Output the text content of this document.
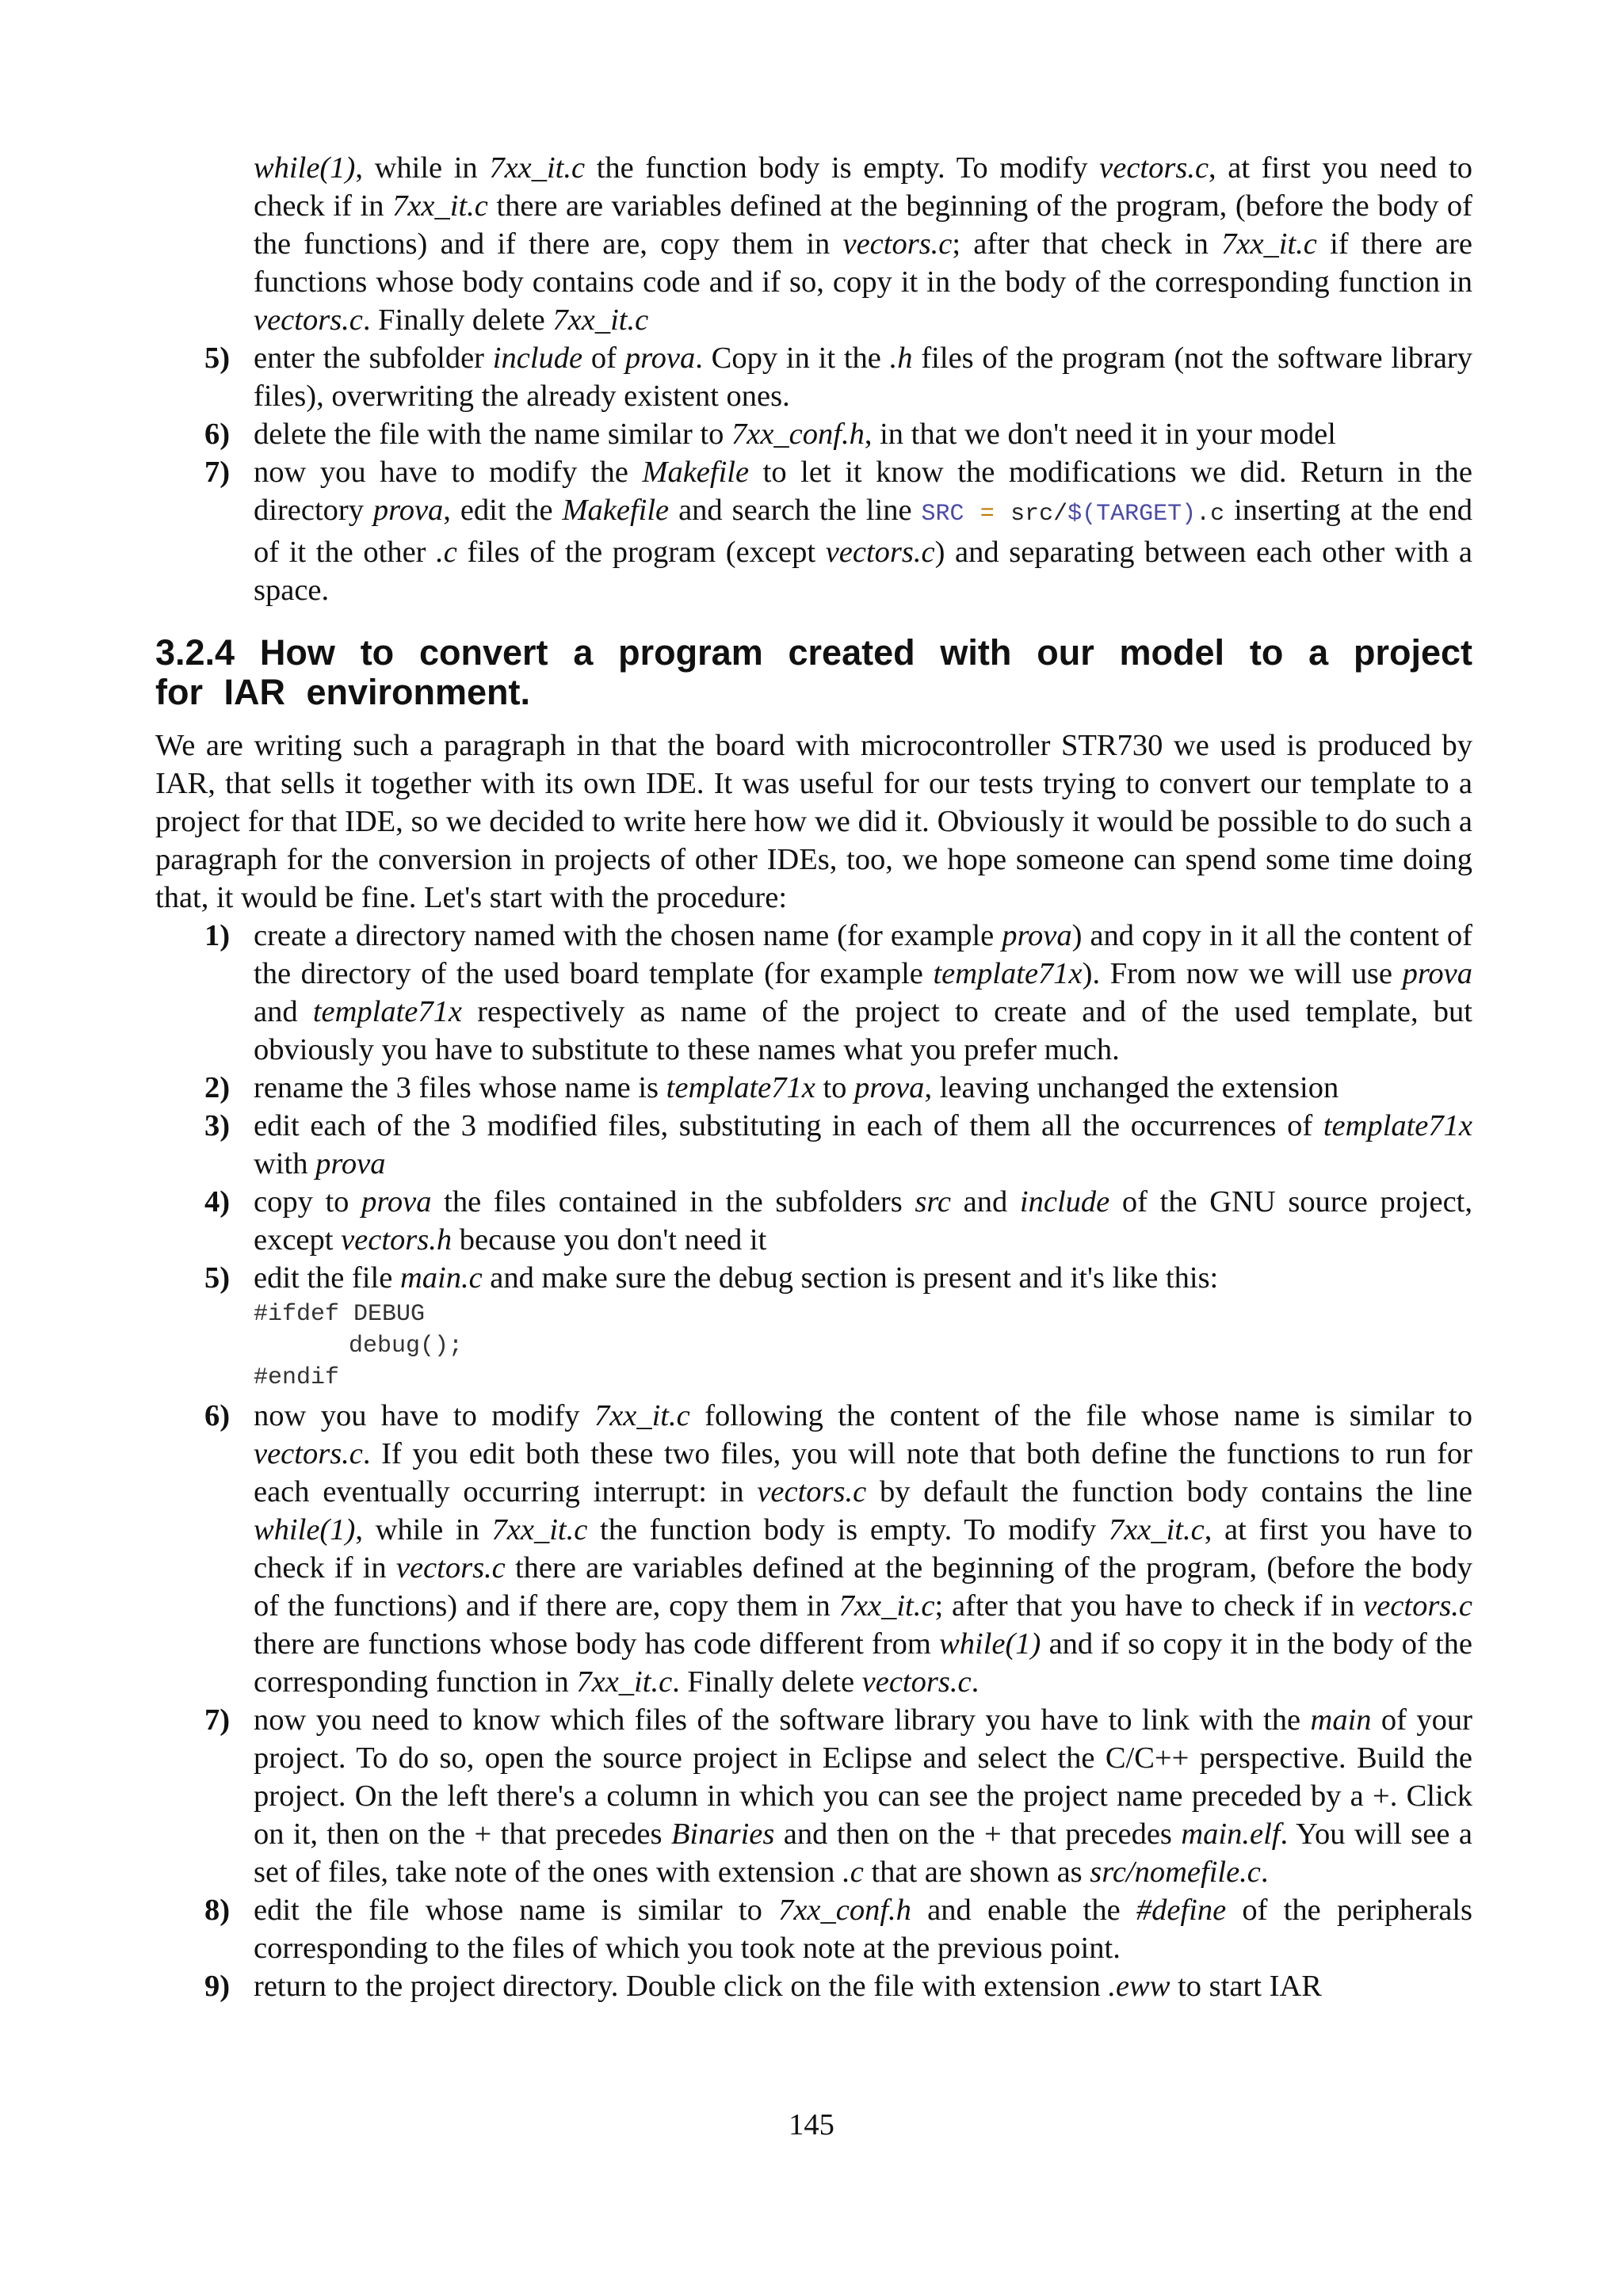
while(1), while in 7xx_it.c the function body is empty. To modify vectors.c, at first you need to check if in 7xx_it.c there are variables defined at the beginning of the program, (before the body of the functions) and if there are, copy them in vectors.c; after that check in 7xx_it.c if there are functions whose body contains code and if so, copy it in the body of the corresponding function in vectors.c. Finally delete 7xx_it.c

5) enter the subfolder include of prova. Copy in it the .h files of the program (not the software library files), overwriting the already existent ones.

6) delete the file with the name similar to 7xx_conf.h, in that we don't need it in your model

7) now you have to modify the Makefile to let it know the modifications we did. Return in the directory prova, edit the Makefile and search the line SRC = src/$(TARGET).c inserting at the end of it the other .c files of the program (except vectors.c) and separating between each other with a space.

3.2.4 How to convert a program created with our model to a project for IAR environment.

We are writing such a paragraph in that the board with microcontroller STR730 we used is produced by IAR, that sells it together with its own IDE. It was useful for our tests trying to convert our template to a project for that IDE, so we decided to write here how we did it. Obviously it would be possible to do such a paragraph for the conversion in projects of other IDEs, too, we hope someone can spend some time doing that, it would be fine. Let's start with the procedure:

1) create a directory named with the chosen name (for example prova) and copy in it all the content of the directory of the used board template (for example template71x). From now we will use prova and template71x respectively as name of the project to create and of the used template, but obviously you have to substitute to these names what you prefer much.

2) rename the 3 files whose name is template71x to prova, leaving unchanged the extension

3) edit each of the 3 modified files, substituting in each of them all the occurrences of template71x with prova

4) copy to prova the files contained in the subfolders src and include of the GNU source project, except vectors.h because you don't need it

5) edit the file main.c and make sure the debug section is present and it's like this:

#ifdef DEBUG

debug();

#endif

6) now you have to modify 7xx_it.c following the content of the file whose name is similar to vectors.c. If you edit both these two files, you will note that both define the functions to run for each eventually occurring interrupt: in vectors.c by default the function body contains the line while(1), while in 7xx_it.c the function body is empty. To modify 7xx_it.c, at first you have to check if in vectors.c there are variables defined at the beginning of the program, (before the body of the functions) and if there are, copy them in 7xx_it.c; after that you have to check if in vectors.c there are functions whose body has code different from while(1) and if so copy it in the body of the corresponding function in 7xx_it.c. Finally delete vectors.c.

7) now you need to know which files of the software library you have to link with the main of your project. To do so, open the source project in Eclipse and select the C/C++ perspective. Build the project. On the left there's a column in which you can see the project name preceded by a +. Click on it, then on the + that precedes Binaries and then on the + that precedes main.elf. You will see a set of files, take note of the ones with extension .c that are shown as src/nomefile.c.

8) edit the file whose name is similar to 7xx_conf.h and enable the #define of the peripherals corresponding to the files of which you took note at the previous point.

9) return to the project directory. Double click on the file with extension .eww to start IAR

145
